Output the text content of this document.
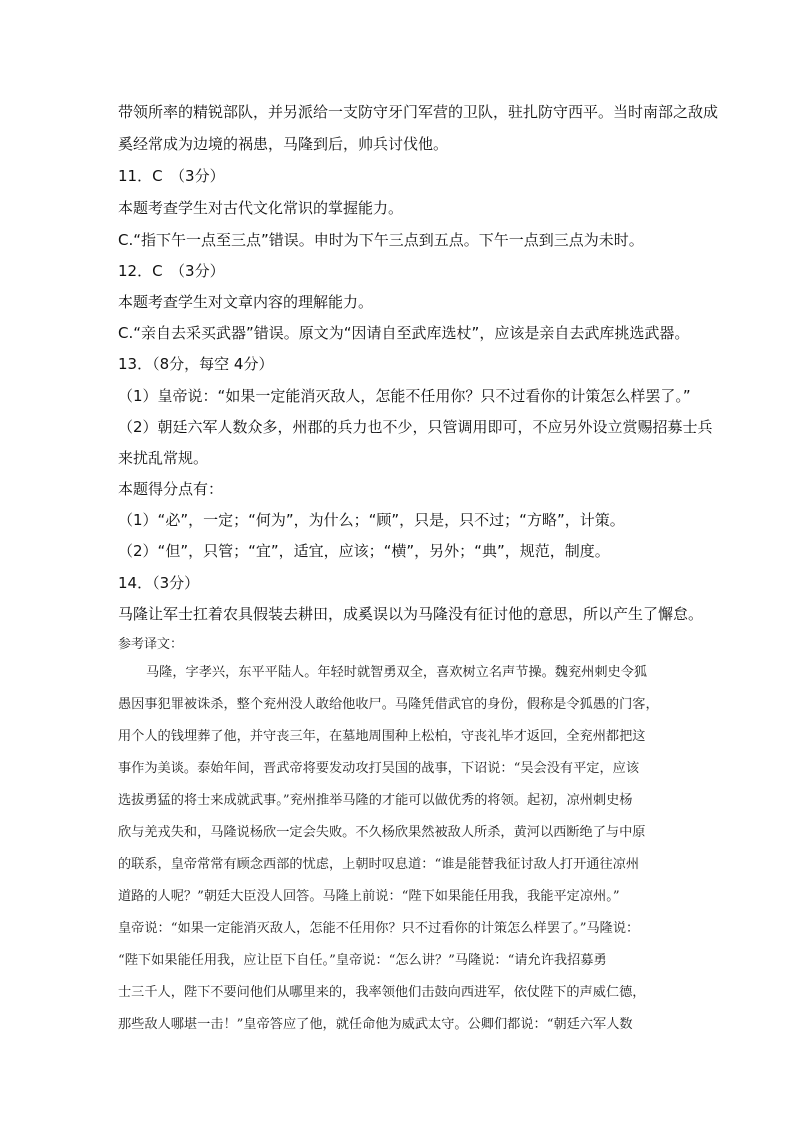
带领所率的精锐部队，并另派给一支防守牙门军营的卫队，驻扎防守西平。当时南部之敌成
奚经常成为边境的祸患，马隆到后，帅兵讨伐他。
11．C　（3分）
本题考查学生对古代文化常识的掌握能力。
C.“指下午一点至三点”错误。申时为下午三点到五点。下午一点到三点为未时。
12．C　（3分）
本题考查学生对文章内容的理解能力。
C.“亲自去采买武器”错误。原文为“因请自至武库选杖”，应该是亲自去武库挑选武器。
13．（8分，每空 4分）
（1）皇帝说：“如果一定能消灭敌人，怎能不任用你？只不过看你的计策怎么样罢了。”
（2）朝廷六军人数众多，州郡的兵力也不少，只管调用即可，不应另外设立赏赐招募士兵
来扰乱常规。
本题得分点有：
（1）“必”，一定；“何为”，为什么；“顾”，只是，只不过；“方略”，计策。
（2）“但”，只管；“宜”，适宜，应该；“横”，另外；“典”，规范，制度。
14．（3分）
马隆让军士扛着农具假装去耕田，成奚误以为马隆没有征讨他的意思，所以产生了懈怠。
参考译文：
马隆，字孝兴，东平平陆人。年轻时就智勇双全，喜欢树立名声节操。魏兖州刺史令狐
愚因事犯罪被诛杀，整个兖州没人敢给他收尸。马隆凭借武官的身份，假称是令狐愚的门客，
用个人的钱埋葬了他，并守丧三年，在墓地周围种上松柏，守丧礼毕才返回，全兖州都把这
事作为美谈。泰始年间，晋武帝将要发动攻打吴国的战事，下诏说：“吴会没有平定，应该
选拔勇猛的将士来成就武事。”兖州推举马隆的才能可以做优秀的将领。起初，凉州刺史杨
欣与羌戎失和，马隆说杨欣一定会失败。不久杨欣果然被敌人所杀，黄河以西断绝了与中原
的联系，皇帝常常有顾念西部的忧虑，上朝时叹息道：“谁是能替我征讨敌人打开通往凉州
道路的人呢？”朝廷大臣没人回答。马隆上前说：“陛下如果能任用我，我能平定凉州。”
皇帝说：“如果一定能消灭敌人，怎能不任用你？只不过看你的计策怎么样罢了。”马隆说：
“陛下如果能任用我，应让臣下自任。”皇帝说：“怎么讲？”马隆说：“请允许我招募勇
士三千人，陛下不要问他们从哪里来的，我率领他们击鼓向西进军，依仗陛下的声威仁德，
那些敌人哪堪一击！”皇帝答应了他，就任命他为威武太守。公卿们都说：“朝廷六军人数
